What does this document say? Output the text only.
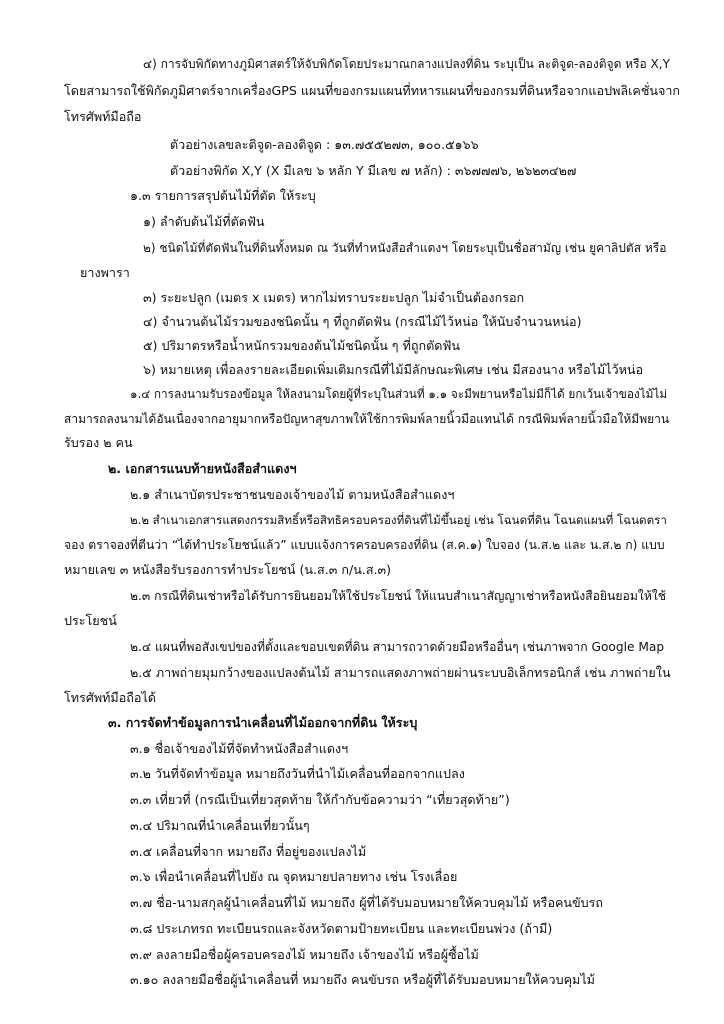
๔) การจับพิกัดทางภูมิศาสตร์ให้จับพิกัดโดยประมาณกลางแปลงที่ดิน ระบุเป็น ละติจูด-ลองติจูด หรือ X,Y
โดยสามารถใช้พิกัดภูมิศาตร์จากเครื่อง GPS แผนที่ของกรมแผนที่ทหาร แผนที่ของกรมที่ดิน หรือจากแอปพลิเคชั่นจาก
โทรศัพท์มือถือ
ตัวอย่างเลขละติจูด-ลองติจูด : ๑๓.๗๕๕๒๗๓, ๑๐๐.๕๑๖๖
ตัวอย่างพิกัด X,Y (X มีเลข ๖ หลัก Y มีเลข ๗ หลัก) : ๓๖๗๗๗๖, ๒๖๒๓๔๒๗
๑.๓ รายการสรุปต้นไม้ที่ตัด ให้ระบุ
๑) ลำดับต้นไม้ที่ตัดฟัน
๒) ชนิดไม้ที่ตัดฟันในที่ดินทั้งหมด ณ วันที่ทำหนังสือสำแดงฯ โดยระบุเป็นชื่อสามัญ เช่น ยูคาลิปตัส หรือ
ยางพารา
๓) ระยะปลูก (เมตร x เมตร) หากไม่ทราบระยะปลูก ไม่จำเป็นต้องกรอก
๔) จำนวนต้นไม้รวมของชนิดนั้น ๆ ที่ถูกตัดฟัน (กรณีไม้ไว้หน่อ ให้นับจำนวนหน่อ)
๕) ปริมาตรหรือน้ำหนักรวมของต้นไม้ชนิดนั้น ๆ ที่ถูกตัดฟัน
๖) หมายเหตุ เพื่อลงรายละเอียดเพิ่มเติมกรณีที่ไม้มีลักษณะพิเศษ เช่น มีสองนาง หรือไม้ไว้หน่อ
๑.๔ การลงนามรับรองข้อมูล ให้ลงนามโดยผู้ที่ระบุในส่วนที่ ๑.๑ จะมีพยานหรือไม่มีก็ได้ ยกเว้นเจ้าของไม้ไม่
สามารถลงนามได้อันเนื่องจากอายุมากหรือปัญหาสุขภาพให้ใช้การพิมพ์ลายนิ้วมือแทนได้ กรณีพิมพ์ลายนิ้วมือให้มีพยาน
รับรอง ๒ คน
๒. เอกสารแนบท้ายหนังสือสำแดงฯ
๒.๑ สำเนาบัตรประชาชนของเจ้าของไม้ ตามหนังสือสำแดงฯ
๒.๒ สำเนาเอกสารแสดงกรรมสิทธิ์หรือสิทธิครอบครองที่ดินที่ไม้ขึ้นอยู่ เช่น โฉนดที่ดิน โฉนดแผนที่ โฉนดตรา
จอง ตราจองที่ตีนว่า “ได้ทำประโยชน์แล้ว” แบบแจ้งการครอบครองที่ดิน (ส.ค.๑) ใบจอง (น.ส.๒ และ น.ส.๒ ก) แบบ
หมายเลข ๓ หนังสือรับรองการทำประโยชน์ (น.ส.๓ ก/น.ส.๓)
๒.๓ กรณีที่ดินเช่าหรือได้รับการยินยอมให้ใช้ประโยชน์ ให้แนบสำเนาสัญญาเช่าหรือหนังสือยินยอมให้ใช้
ประโยชน์
๒.๔ แผนที่พอสังเขปของที่ตั้งและขอบเขตที่ดิน สามารถวาดด้วยมือหรืออื่นๆ เช่นภาพจาก Google Map
๒.๕ ภาพถ่ายมุมกว้างของแปลงต้นไม้ สามารถแสดงภาพถ่ายผ่านระบบอิเล็กทรอนิกส์ เช่น ภาพถ่ายใน
โทรศัพท์มือถือได้
๓. การจัดทำข้อมูลการนำเคลื่อนที่ไม้ออกจากที่ดิน ให้ระบุ
๓.๑ ชื่อเจ้าของไม้ที่จัดทำหนังสือสำแดงฯ
๓.๒ วันที่จัดทำข้อมูล หมายถึงวันที่นำไม้เคลื่อนที่ออกจากแปลง
๓.๓ เที่ยวที่ (กรณีเป็นเที่ยวสุดท้าย ให้กำกับข้อความว่า “เที่ยวสุดท้าย”)
๓.๔ ปริมาณที่นำเคลื่อนเที่ยวนั้นๆ
๓.๕ เคลื่อนที่จาก หมายถึง ที่อยู่ของแปลงไม้
๓.๖ เพื่อนำเคลื่อนที่ไปยัง ณ จุดหมายปลายทาง เช่น โรงเลื่อย
๓.๗ ชื่อ-นามสกุลผู้นำเคลื่อนที่ไม้ หมายถึง ผู้ที่ได้รับมอบหมายให้ควบคุมไม้ หรือคนขับรถ
๓.๘ ประเภทรถ ทะเบียนรถและจังหวัดตามป้ายทะเบียน และทะเบียนพ่วง (ถ้ามี)
๓.๙ ลงลายมือชื่อผู้ครอบครองไม้ หมายถึง เจ้าของไม้ หรือผู้ซื้อไม้
๓.๑๐ ลงลายมือชื่อผู้นำเคลื่อนที่ หมายถึง คนขับรถ หรือผู้ที่ได้รับมอบหมายให้ควบคุมไม้
